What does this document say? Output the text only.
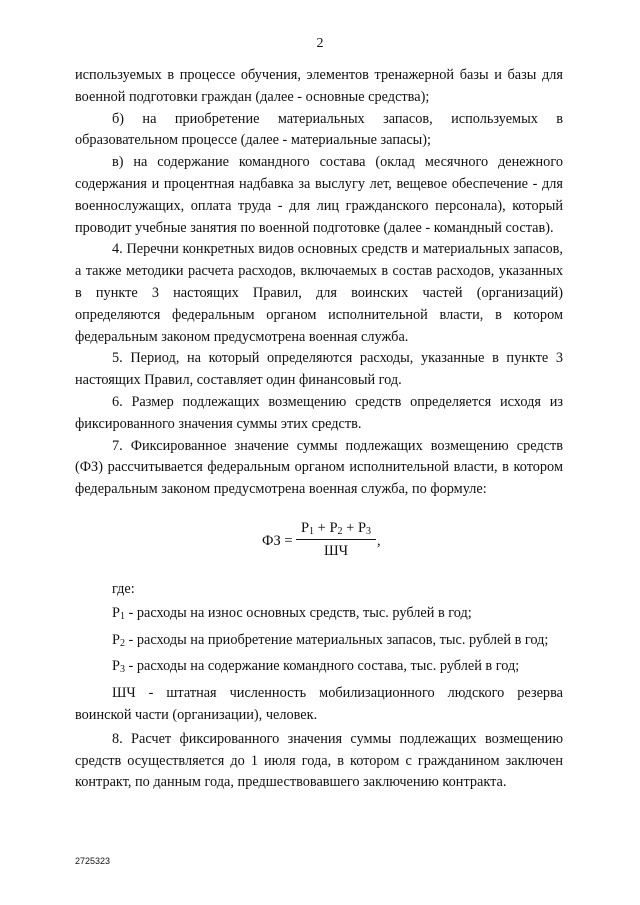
2

используемых в процессе обучения, элементов тренажерной базы и базы для военной подготовки граждан (далее - основные средства);

б) на приобретение материальных запасов, используемых в образовательном процессе (далее - материальные запасы);

в) на содержание командного состава (оклад месячного денежного содержания и процентная надбавка за выслугу лет, вещевое обеспечение - для военнослужащих, оплата труда - для лиц гражданского персонала), который проводит учебные занятия по военной подготовке (далее - командный состав).

4. Перечни конкретных видов основных средств и материальных запасов, а также методики расчета расходов, включаемых в состав расходов, указанных в пункте 3 настоящих Правил, для воинских частей (организаций) определяются федеральным органом исполнительной власти, в котором федеральным законом предусмотрена военная служба.

5. Период, на который определяются расходы, указанные в пункте 3 настоящих Правил, составляет один финансовый год.

6. Размер подлежащих возмещению средств определяется исходя из фиксированного значения суммы этих средств.

7. Фиксированное значение суммы подлежащих возмещению средств (ФЗ) рассчитывается федеральным органом исполнительной власти, в котором федеральным законом предусмотрена военная служба, по формуле:

ФЗ =
$P_1 + P_2 + P_3$
ШЧ
,

где:

$P_1$ - расходы на износ основных средств, тыс. рублей в год;

$P_2$ - расходы на приобретение материальных запасов, тыс. рублей в год;

$P_3$ - расходы на содержание командного состава, тыс. рублей в год;

ШЧ - штатная численность мобилизационного людского резерва воинской части (организации), человек.

8. Расчет фиксированного значения суммы подлежащих возмещению средств осуществляется до 1 июля года, в котором с гражданином заключен контракт, по данным года, предшествовавшего заключению контракта.

2725323
